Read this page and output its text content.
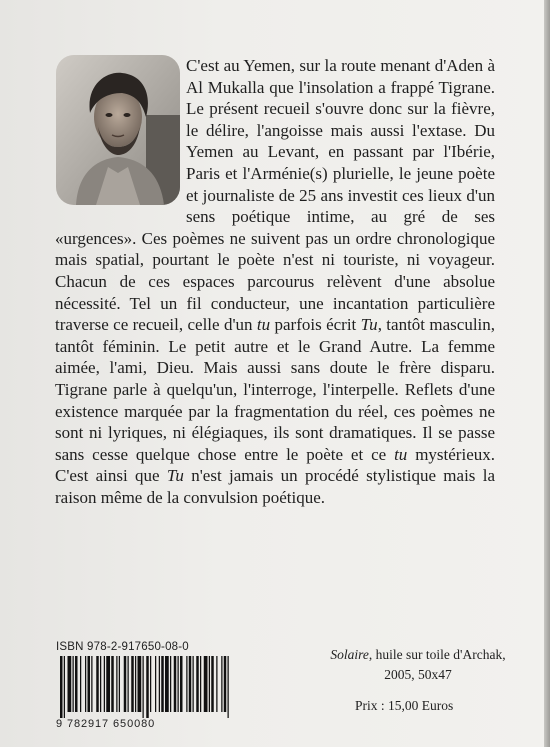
C'est au Yemen, sur la route menant d'Aden à Al Mukalla que l'insolation a frappé Tigrane. Le présent recueil s'ouvre donc sur la fièvre, le délire, l'angoisse mais aussi l'extase. Du Yemen au Levant, en passant par l'Ibérie, Paris et l'Arménie(s) plurielle, le jeune poète et journaliste de 25 ans investit ces lieux d'un sens poétique intime, au gré de ses «urgences». Ces poèmes ne suivent pas un ordre chronologique mais spatial, pourtant le poète n'est ni touriste, ni voyageur. Chacun de ces espaces parcourus relèvent d'une absolue nécessité. Tel un fil conducteur, une incantation particulière traverse ce recueil, celle d'un tu parfois écrit Tu, tantôt masculin, tantôt féminin. Le petit autre et le Grand Autre. La femme aimée, l'ami, Dieu. Mais aussi sans doute le frère disparu. Tigrane parle à quelqu'un, l'interroge, l'interpelle. Reflets d'une existence marquée par la fragmentation du réel, ces poèmes ne sont ni lyriques, ni élégiaques, ils sont dramatiques. Il se passe sans cesse quelque chose entre le poète et ce tu mystérieux. C'est ainsi que Tu n'est jamais un procédé stylistique mais la raison même de la convulsion poétique.

ISBN 978-2-917650-08-0
9 782917 650080
Solaire, huile sur toile d'Archak, 2005, 50x47
Prix : 15,00 Euros
